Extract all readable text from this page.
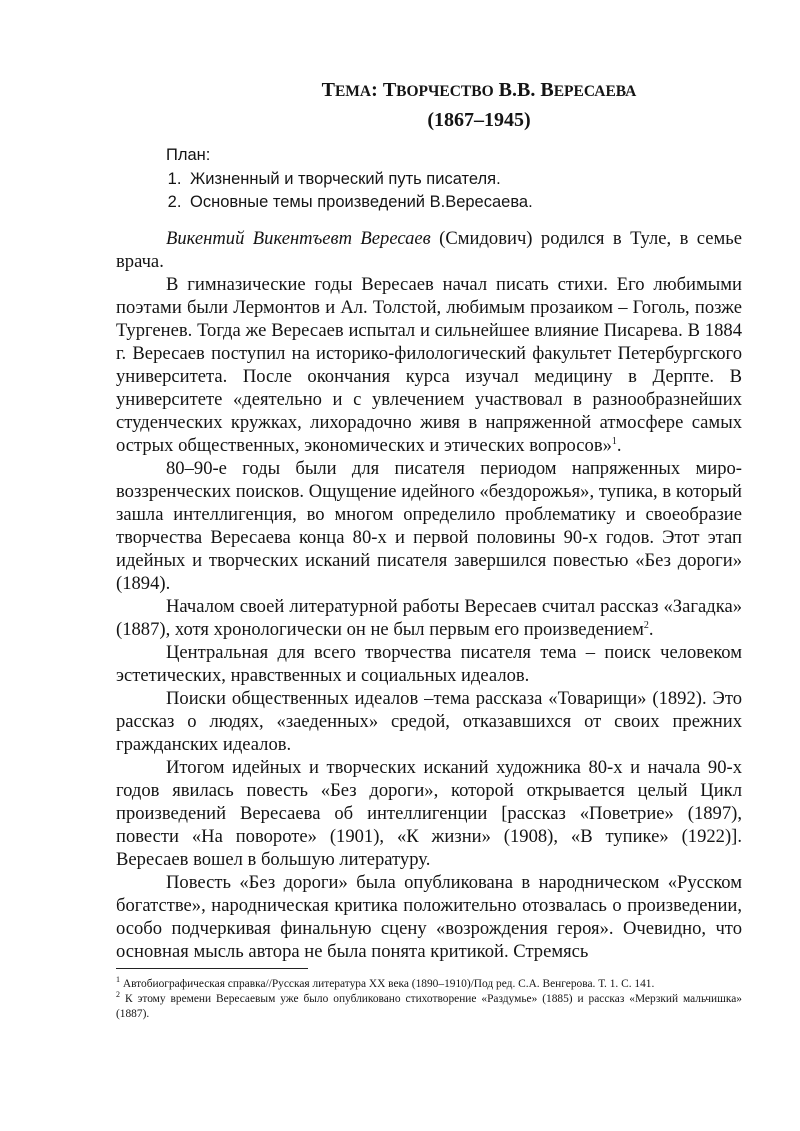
ТЕМА: ТВОРЧЕСТВО В.В. ВЕРЕСАЕВА
(1867–1945)
План:
1. Жизненный и творческий путь писателя.
2. Основные темы произведений В.Вересаева.

Викентий Викентъевт Вересаев (Смидович) родился в Туле, в семье врача.

В гимназические годы Вересаев начал писать стихи. Его любимыми поэтами были Лермонтов и Ал. Толстой, любимым прозаиком – Гоголь, позже Тургенев. Тогда же Вересаев испытал и сильнейшее влияние Писарева. В 1884 г. Вересаев поступил на историко-филологический факультет Петербургского университета. После окончания курса изучал медицину в Дерпте. В университете «деятельно и с увлечением участвовал в разнообразнейших студенческих кружках, лихорадочно живя в напряженной атмосфере самых острых общественных, экономических и этических вопросов»$^1$.

80–90-е годы были для писателя периодом напряженных миро-воззренческих поисков. Ощущение идейного «бездорожья», тупика, в который зашла интеллигенция, во многом определило проблематику и своеобразие творчества Вересаева конца 80-х и первой половины 90-х годов. Этот этап идейных и творческих исканий писателя завершился повестью «Без дороги» (1894).

Началом своей литературной работы Вересаев считал рассказ «Загадка» (1887), хотя хронологически он не был первым его произведением$^2$.

Центральная для всего творчества писателя тема – поиск человеком эстетических, нравственных и социальных идеалов.

Поиски общественных идеалов –тема рассказа «Товарищи» (1892). Это рассказ о людях, «заеденных» средой, отказавшихся от своих прежних гражданских идеалов.

Итогом идейных и творческих исканий художника 80-х и начала 90-х годов явилась повесть «Без дороги», которой открывается целый Цикл произведений Вересаева об интеллигенции [рассказ «Поветрие» (1897), повести «На повороте» (1901), «К жизни» (1908), «В тупике» (1922)]. Вересаев вошел в большую литературу.

Повесть «Без дороги» была опубликована в народническом «Русском богатстве», народническая критика положительно отозвалась о произведении, особо подчеркивая финальную сцену «возрождения героя». Очевидно, что основная мысль автора не была понята критикой. Стремясь

$^1$ Автобиографическая справка//Русская литература XX века (1890–1910)/Под ред. С.А. Венгерова. Т. 1. С. 141.
$^2$ К этому времени Вересаевым уже было опубликовано стихотворение «Раздумье» (1885) и рассказ «Мерзкий мальчишка» (1887).
